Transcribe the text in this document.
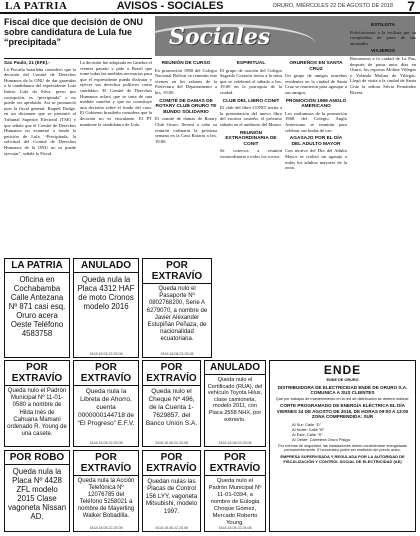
LA PATRIA	AVISOS - SOCIALES	ORURO, MIÉRCOLES 22 DE AGOSTO DE 2018	7
Fiscal dice que decisión de ONU sobre candidatura de Lula fue “precipitada”

Sao Paulo, 21 (EFE).-

La Fiscalía brasileña consideró que la decisión del Comité de Derechos Humanos de la ONU de dar garantías a la candidatura del expresidente Luiz Inácio Lula da Silva, preso por corrupción, es “precipitada” y no puede ser aprobada. Así se pronunció ayer la fiscal general, Raquel Dodge, en un dictamen que se presentó al Tribunal Superior Electoral (TSE) y que señala que el Comité de Derechos Humanos no examinó a fondo la petición de Lula. “Precipitada, la solicitud del Comité de Derechos Humanos de la ONU no se puede ejecutar”, señaló la Fiscal.

La decisión fue adoptada en Ginebra el viernes pasado y pide a Brasil que tome todas las medidas necesarias para que el expresidente pueda disfrutar y ejercer sus derechos políticos como candidato. El Comité de Derechos Humanos aclaró que se trata de una medida cautelar y que no constituye una decisión sobre el fondo del caso. El Gobierno brasileño considera que la decisión no es vinculante. El PT mantiene la candidatura de Lula.

Sociales
REUNIÓN DE CURSO

Ex promoción 1980 del Colegio Nacional Bolívar se reunirán este viernes en los salones de la Prefectura del Departamento a hrs. 19:00.

COMITÉ DE DAMAS DE ROTARY CLUB ORURO TE BUNDO SOLIDARIO

El comité de damas de Rotary Club Oruro, llevará a cabo su reunión ordinaria la próxima semana en la Casa Rotaria a hrs. 19:00.

ESPIRITUAL

El grupo de oración del Colegio Sagrado Corazón invita a la misa que se celebrará el sábado a hrs. 19:00 en la parroquia de la ciudad.

CLUB DEL LIBRO CONIT

El club del libro CONIT invita a la presentación del nuevo libro del escritor orureño, el próximo sábado en el auditorio del Museo.

REUNIÓN EXTRAORDINARIA DE CONIT

Se convoca a reunión extraordinaria a todos los socios.

ORUREÑOS EN SANTA CRUZ

Un grupo de amigos orureños residentes en la ciudad de Santa Cruz se reunieron para agasajar a sus amigos.

PROMOCIÓN 1968 ANGLO AMERICANO

Los exalumnos de la promoción 1968 del Colegio Anglo Americano se reunirán para celebrar sus bodas de oro.

AGASAJO POR EL DÍA DEL ADULTO MAYOR

Con motivo del Día del Adulto Mayor se realizó un agasajo a todos los adultos mayores de la zona.

ESTILISTA

Felicitaciones a la estilista por su cumpleaños de parte de sus amistades.

VIAJEROS

Retornaron a la ciudad de La Paz, después de pasar unos días en Oruro, los esposos Molina Villegas y Yolanda Molina de Villegas. Llegó de visita a la ciudad de Santa Cruz la señora Silvia Fernández Rivera.

LA PATRIA
Oficina en Cochabamba Calle Antezana Nº 871 casi esq. Oruro acera Oeste Teléfono 4583758
ANULADO
Queda nula la Placa 4312 HAF de moto Cronos modelo 2016
3418.18.08.22.25.08
POR EXTRAVÍO
Queda nulo el Pasaporte Nº 0802768200, Serie A 6279070, a nombre de Javier Alexander Estupiñán Peñaza, de nacionalidad ecuatoriana.
3418.18.08.22.25.08
POR EXTRAVÍO
Queda nulo el Padrón Municipal Nº 11-01-0580 a nombre de Hilda Inés de Cahuana Mamani ordenado R. Young de una casete.
POR EXTRAVÍO
Queda nula la Libreta de Ahorro, cuenta 0000000144718 de “El Progreso” E.F.V.
3418.18.08.22.25.08
POR EXTRAVÍO
Queda nulo el Cheque Nº 496, de la Cuenta 1-7629857, del Banco Unión S.A.
3418.18.08.22.25.08
ANULADO
Queda nulo el Certificado (RUA), del vehículo Toyota Hilux, clase camioneta, modelo 2011, con Placa 2558 NHX, por extravío.
3418.18.08.22.25.08
POR ROBO
Queda nula la Placa Nº 4428 ZFL modelo 2015 Clase vagoneta Nissan AD.
POR EXTRAVÍO
Queda nula la Acción Telefónica Nº 12076785 del Teléfono 5258021 a nombre de Mayerling Walker Bobadilla.
3418.18.08.22.25.08
POR EXTRAVÍO
Quedan nulas las Placas de Control 156 LYY, vagoneta Mitsubishi, modelo 1997.
3418.18.08.22.25.08
POR EXTRAVÍO
Queda nulo el Padrón Municipal Nº 11-01-0394, a nombre de Eulogia Choque Gómez, Mercado Roberto Young.
3418.18.08.22.25.08
ENDE
ENDE DE ORURO
DISTRIBUIDORA DE ELECTRICIDAD ENDE DE ORURO S.A. COMUNICA A SUS CLIENTES
Que por trabajos de mantenimiento en la red de distribución se deberá realizar:
CORTE PROGRAMADO DE ENERGÍA ELÉCTRICA EL DÍA VIERNES 24 DE AGOSTO DE 2018, DE HORAS 09:00 A 13:00 ZONA COMPRENDIDA: SUR
Al Sur: Calle “D”
Al Norte: Calle “B”
Al Este: Calle “S”
Al Oeste: Carretera Oruro Pisiga
Por normas de seguridad, las instalaciones deben considerarse energizadas permanentemente. El suministro podrá ser restituido sin previo aviso.
EMPRESA SUPERVISADA Y REGULADA POR LA AUTORIDAD DE FISCALIZACIÓN Y CONTROL SOCIAL DE ELECTRICIDAD (AE)
